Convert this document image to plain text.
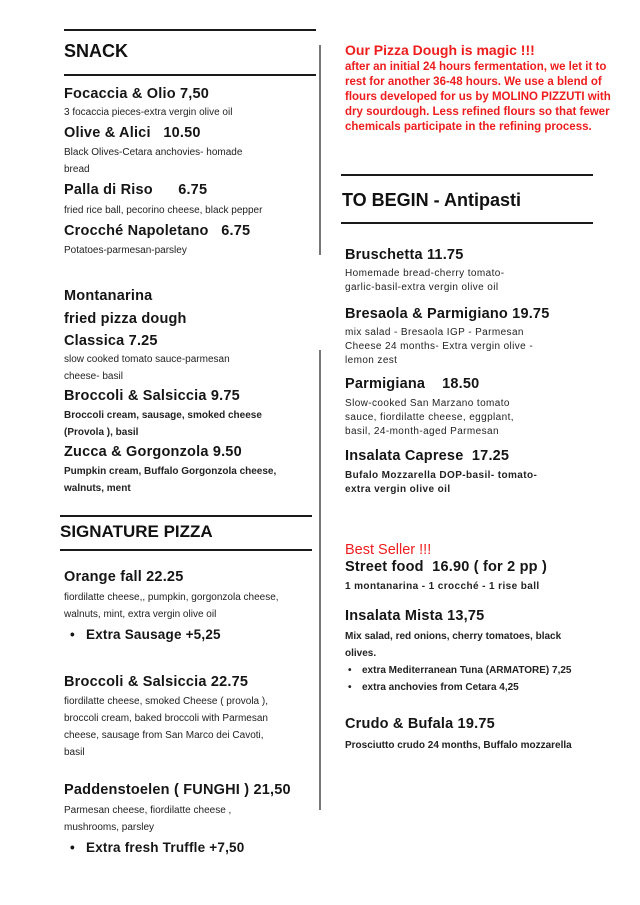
SNACK
Focaccia & Olio 7,50
3 focaccia pieces-extra vergin olive oil
Olive & Alici   10.50
Black Olives-Cetara anchovies- homade
bread
Palla di Riso      6.75
fried rice ball, pecorino cheese, black pepper
Crocché Napoletano   6.75
Potatoes-parmesan-parsley
Montanarina
fried pizza dough
Classica 7.25
slow cooked tomato sauce-parmesan
cheese- basil
Broccoli & Salsiccia 9.75
Broccoli cream, sausage, smoked cheese
(Provola ), basil
Zucca & Gorgonzola 9.50
Pumpkin cream, Buffalo Gorgonzola cheese,
walnuts, ment
SIGNATURE PIZZA
Orange fall 22.25
fiordilatte cheese,, pumpkin, gorgonzola cheese,
walnuts, mint, extra vergin olive oil
• Extra Sausage +5,25
Broccoli & Salsiccia 22.75
fiordilatte cheese, smoked Cheese ( provola ),
broccoli cream, baked broccoli with Parmesan
cheese, sausage from San Marco dei Cavoti,
basil
Paddenstoelen ( FUNGHI ) 21,50
Parmesan cheese, fiordilatte cheese ,
mushrooms, parsley
• Extra fresh Truffle +7,50
Our Pizza Dough is magic !!!
after an initial 24 hours fermentation, we let it to rest for another 36-48 hours. We use a blend of flours developed for us by MOLINO PIZZUTI with dry sourdough. Less refined flours so that fewer chemicals participate in the refining process.
TO BEGIN - Antipasti
Bruschetta 11.75
Homemade bread-cherry tomato-
garlic-basil-extra vergin olive oil
Bresaola & Parmigiano 19.75
mix salad - Bresaola IGP - Parmesan
Cheese 24 months- Extra vergin olive -
lemon zest
Parmigiana    18.50
Slow-cooked San Marzano tomato
sauce, fiordilatte cheese, eggplant,
basil, 24-month-aged Parmesan
Insalata Caprese  17.25
Bufalo Mozzarella DOP-basil- tomato-
extra vergin olive oil
Best Seller !!!
Street food  16.90 ( for 2 pp )
1 montanarina - 1 crocché - 1 rise ball
Insalata Mista 13,75
Mix salad, red onions, cherry tomatoes, black
olives.
• extra Mediterranean Tuna (ARMATORE) 7,25
• extra anchovies from Cetara 4,25
Crudo & Bufala 19.75
Prosciutto crudo 24 months, Buffalo mozzarella
